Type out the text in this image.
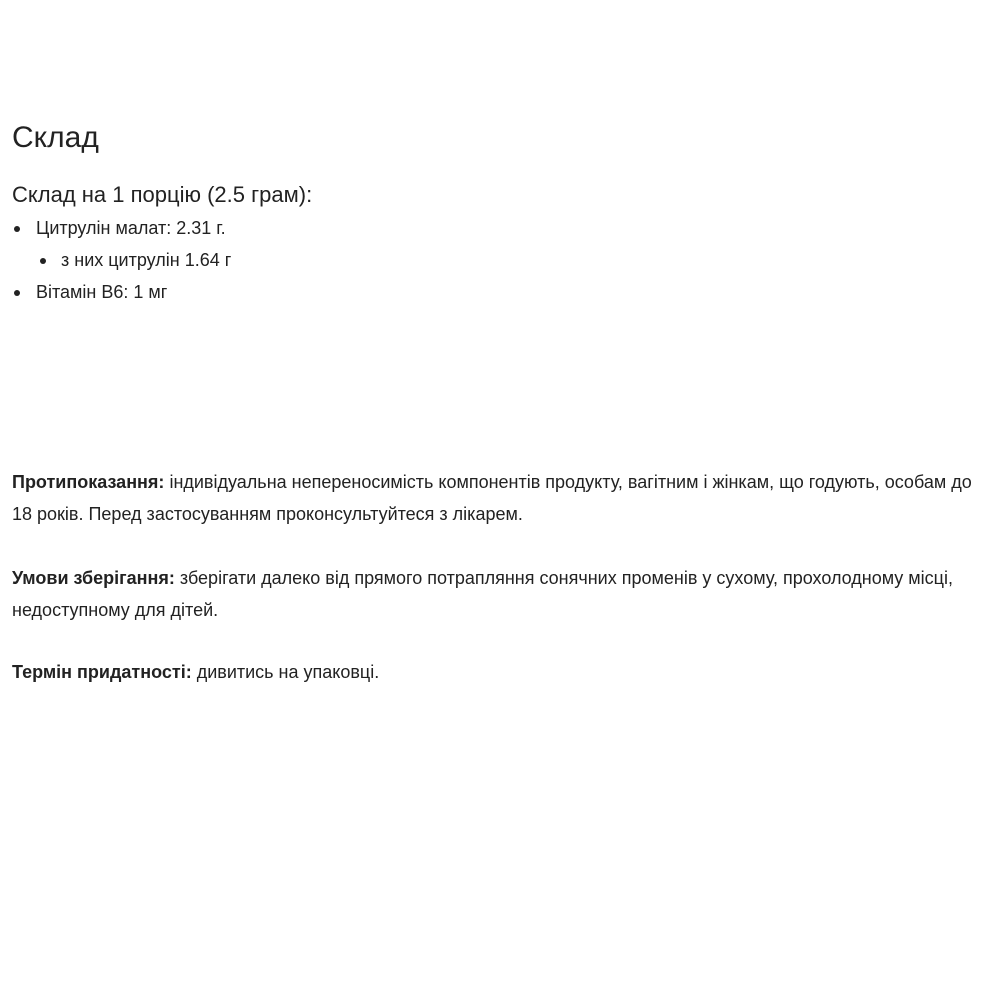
Склад

Склад на 1 порцію (2.5 грам):

Цитрулін малат: 2.31 г.
з них цитрулін 1.64 г
Вітамін B6: 1 мг

Протипоказання: індивідуальна непереносимість компонентів продукту, вагітним і жінкам, що годують, особам до 18 років. Перед застосуванням проконсультуйтеся з лікарем.

Умови зберігання: зберігати далеко від прямого потрапляння сонячних променів у сухому, прохолодному місці, недоступному для дітей.

Термін придатності: дивитись на упаковці.
